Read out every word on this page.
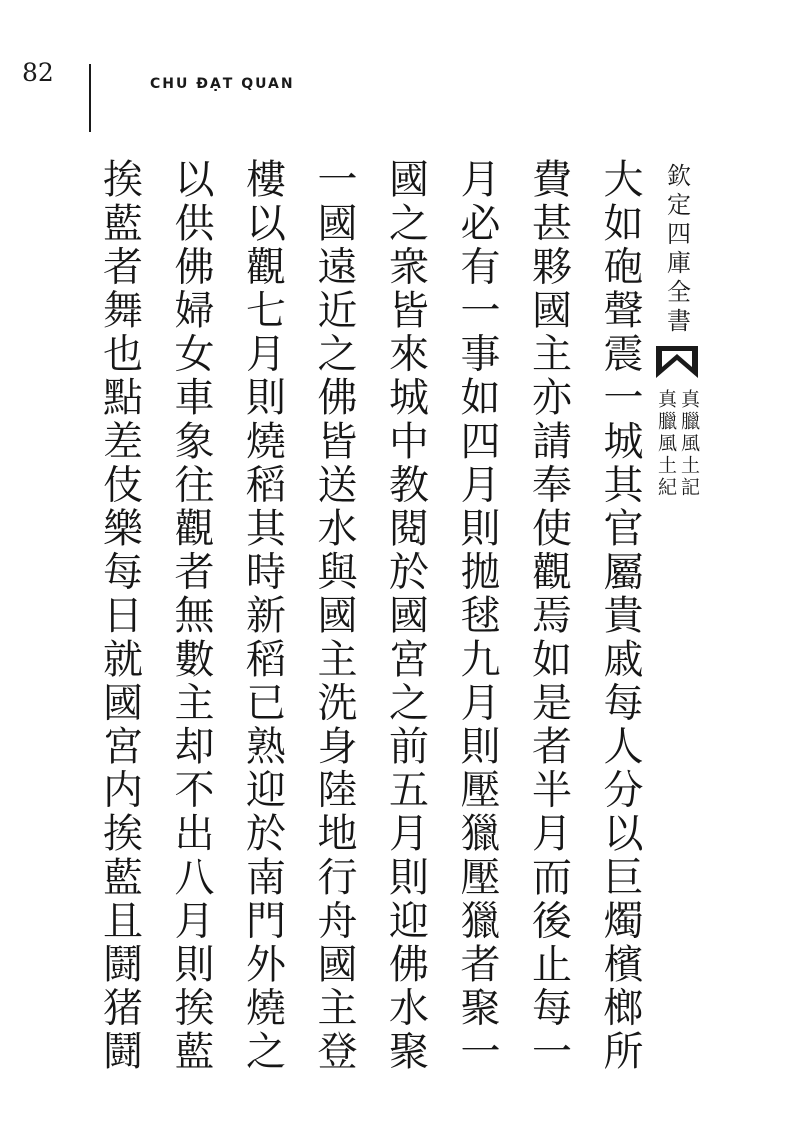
82	CHU ĐẠT QUAN
大如砲聲震一城其官屬貴戚每人分以巨燭檳榔所
費甚夥國主亦請奉使觀焉如是者半月而後止每一
月必有一事如四月則拋毬九月則壓獵壓獵者聚一
國之衆皆來城中教閱於國宮之前五月則迎佛水聚
一國遠近之佛皆送水與國主洗身陸地行舟國主登
樓以觀七月則燒稻其時新稻已熟迎於南門外燒之
以供佛婦女車象往觀者無數主却不出八月則挨藍
挨藍者舞也點差伎樂每日就國宮内挨藍且鬪猪鬪	欽定四庫全書
真臘風土記
真臘風土紀
